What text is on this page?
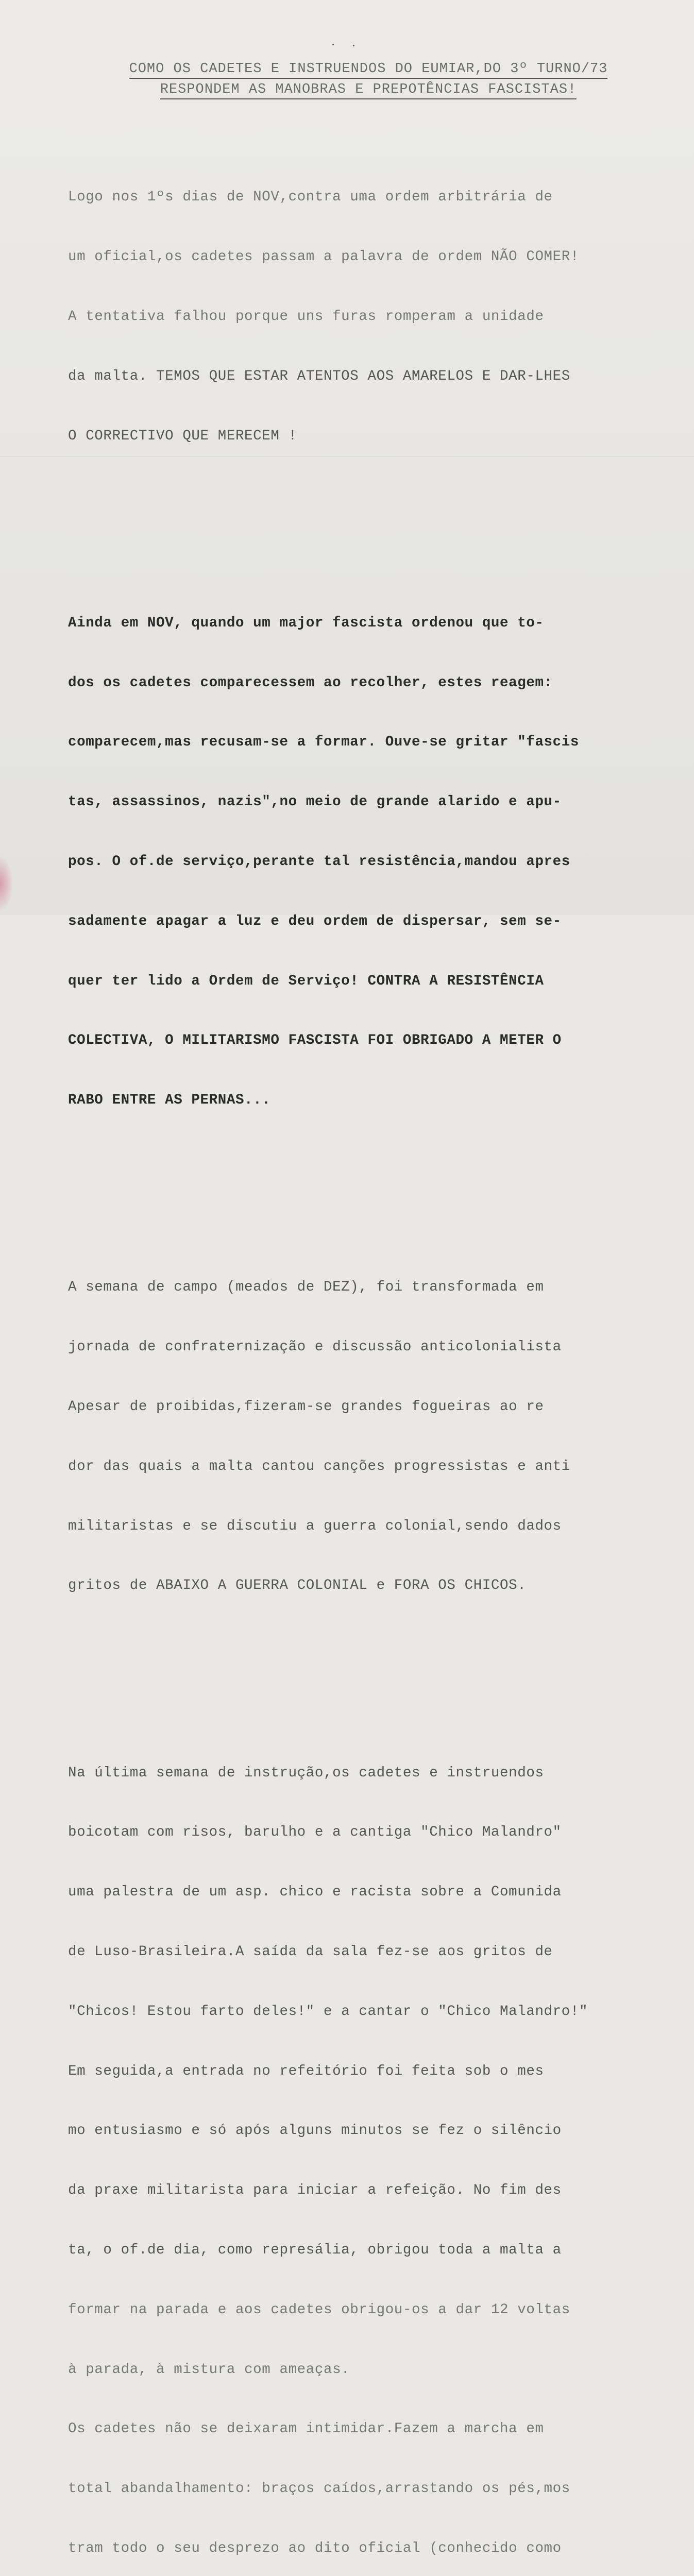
COMO OS CADETES E INSTRUENDOS DO EUMIAR,DO 3º TURNO/73
RESPONDEM AS MANOBRAS E PREPOTÊNCIAS FASCISTAS!

Logo nos 1ºs dias de NOV,contra uma ordem arbitrária de

um oficial,os cadetes passam a palavra de ordem NÃO COMER!

A tentativa falhou porque uns furas romperam a unidade

da malta. TEMOS QUE ESTAR ATENTOS AOS AMARELOS E DAR-LHES

O CORRECTIVO QUE MERECEM !

Ainda em NOV, quando um major fascista ordenou que to-

dos os cadetes comparecessem ao recolher, estes reagem:

comparecem,mas recusam-se a formar. Ouve-se gritar "fascis

tas, assassinos, nazis",no meio de grande alarido e apu-

pos. O of.de serviço,perante tal resistência,mandou apres

sadamente apagar a luz e deu ordem de dispersar, sem se-

quer ter lido a Ordem de Serviço! CONTRA A RESISTÊNCIA

COLECTIVA, O MILITARISMO FASCISTA FOI OBRIGADO A METER O

RABO ENTRE AS PERNAS...

A semana de campo (meados de DEZ), foi transformada em

jornada de confraternização e discussão anticolonialista

Apesar de proibidas,fizeram-se grandes fogueiras ao re

dor das quais a malta cantou canções progressistas e anti

militaristas e se discutiu a guerra colonial,sendo dados

gritos de ABAIXO A GUERRA COLONIAL e FORA OS CHICOS.

Na última semana de instrução,os cadetes e instruendos

boicotam com risos, barulho e a cantiga "Chico Malandro"

uma palestra de um asp. chico e racista sobre a Comunida

de Luso-Brasileira.A saída da sala fez-se aos gritos de

"Chicos! Estou farto deles!" e a cantar o "Chico Malandro!"

Em seguida,a entrada no refeitório foi feita sob o mes

mo entusiasmo e só após alguns minutos se fez o silêncio

da praxe militarista para iniciar a refeição. No fim des

ta, o of.de dia, como represália, obrigou toda a malta a

formar na parada e aos cadetes obrigou-os a dar 12 voltas

à parada, à mistura com ameaças.

Os cadetes não se deixaram intimidar.Fazem a marcha em

total abandalhamento: braços caídos,arrastando os pés,mos

tram todo o seu desprezo ao dito oficial (conhecido como
